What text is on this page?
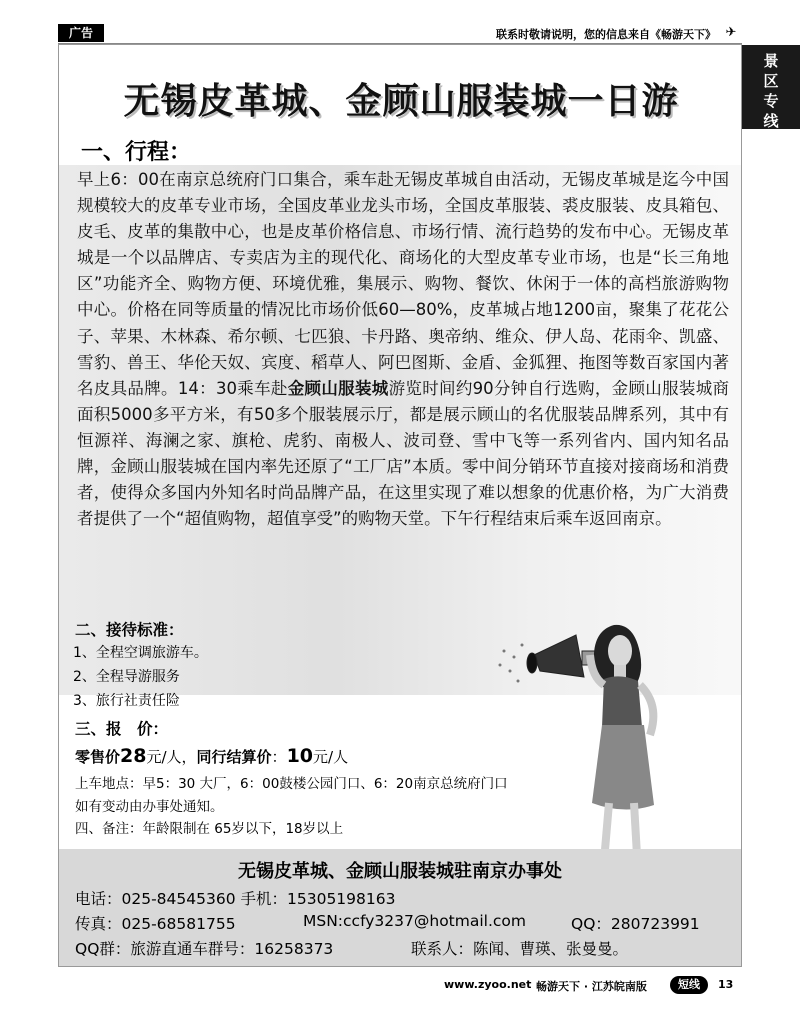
广告	联系时敬请说明，您的信息来自《畅游天下》 ✈
景区专线
无锡皮革城、金顾山服装城一日游
一、行程：
早上6：00在南京总统府门口集合，乘车赴无锡皮革城自由活动，无锡皮革城是迄今中国规模较大的皮革专业市场，全国皮革业龙头市场，全国皮革服装、裘皮服装、皮具箱包、皮毛、皮革的集散中心，也是皮革价格信息、市场行情、流行趋势的发布中心。无锡皮革城是一个以品牌店、专卖店为主的现代化、商场化的大型皮革专业市场，也是“长三角地区”功能齐全、购物方便、环境优雅，集展示、购物、餐饮、休闲于一体的高档旅游购物中心。价格在同等质量的情况比市场价低60—80%，皮革城占地1200亩，聚集了花花公子、苹果、木林森、希尔顿、七匹狼、卡丹路、奥帝纳、维众、伊人岛、花雨伞、凯盛、雪豹、兽王、华伦天奴、宾度、稻草人、阿巴图斯、金盾、金狐狸、拖图等数百家国内著名皮具品牌。14：30乘车赴金顾山服装城游览时间约90分钟自行选购，金顾山服装城商面积5000多平方米，有50多个服装展示厅，都是展示顾山的名优服装品牌系列，其中有恒源祥、海澜之家、旗枪、虎豹、南极人、波司登、雪中飞等一系列省内、国内知名品牌，金顾山服装城在国内率先还原了“工厂店”本质。零中间分销环节直接对接商场和消费者，使得众多国内外知名时尚品牌产品，在这里实现了难以想象的优惠价格，为广大消费者提供了一个“超值购物，超值享受”的购物天堂。下午行程结束后乘车返回南京。
二、接待标准：
1、全程空调旅游车。
2、全程导游服务
3、旅行社责任险
三、报　价：
零售价28元/人，同行结算价：10元/人
上车地点：早5：30 大厂，6：00鼓楼公园门口、6：20南京总统府门口
如有变动由办事处通知。
四、备注：年龄限制在 65岁以下，18岁以上
无锡皮革城、金顾山服装城驻南京办事处
电话：025-84545360 手机：15305198163
传真：025-68581755	MSN:ccfy3237@hotmail.com	QQ：280723991
QQ群：旅游直通车群号：16258373	联系人：陈闻、曹瑛、张曼曼。
www.zyoo.net 畅游天下 · 江苏皖南版	短线	13
